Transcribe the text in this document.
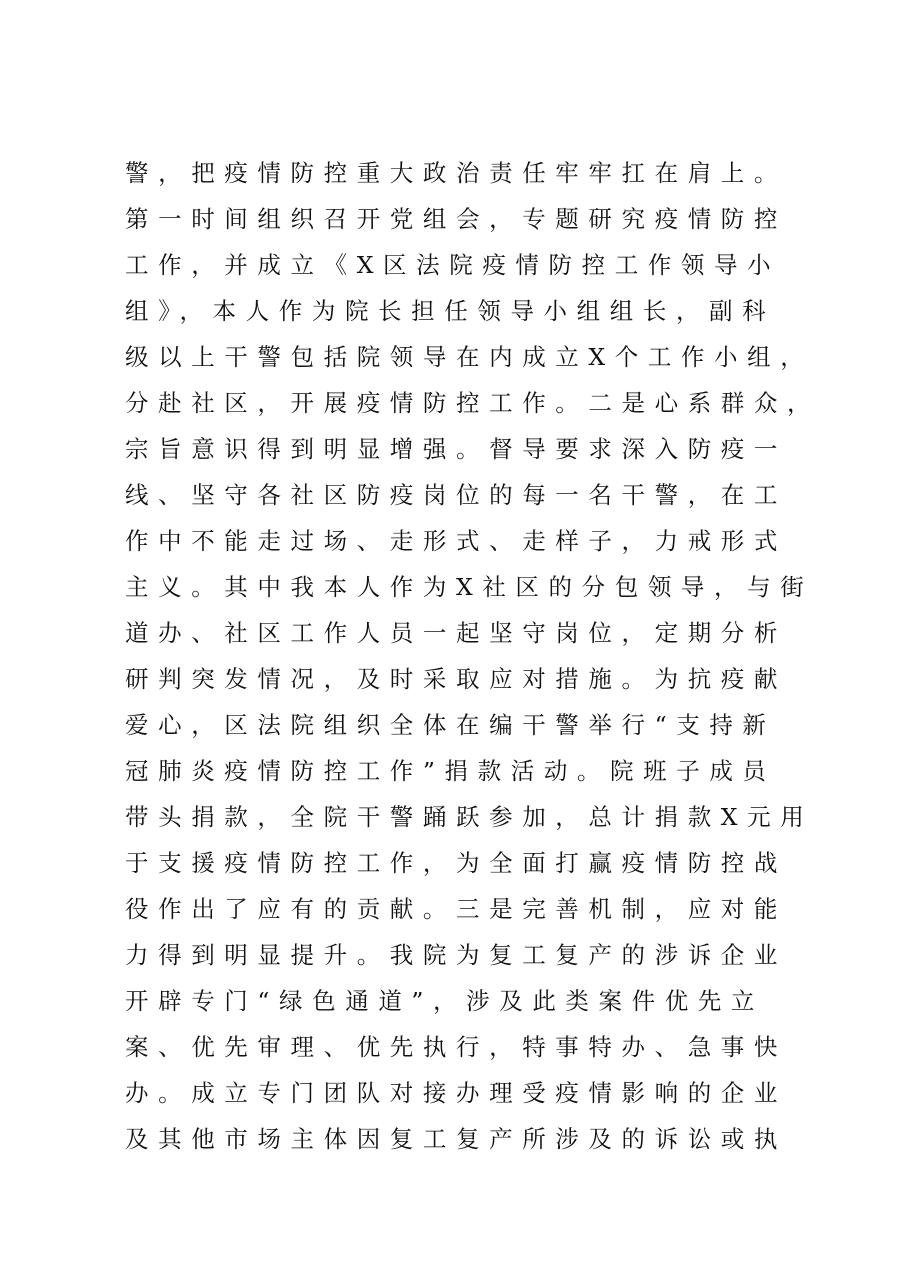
警，把疫情防控重大政治责任牢牢扛在肩上。
第一时间组织召开党组会，专题研究疫情防控
工作，并成立《X区法院疫情防控工作领导小
组》，本人作为院长担任领导小组组长，副科
级以上干警包括院领导在内成立X个工作小组，
分赴社区，开展疫情防控工作。二是心系群众，
宗旨意识得到明显增强。督导要求深入防疫一
线、坚守各社区防疫岗位的每一名干警，在工
作中不能走过场、走形式、走样子，力戒形式
主义。其中我本人作为X社区的分包领导，与街
道办、社区工作人员一起坚守岗位，定期分析
研判突发情况，及时采取应对措施。为抗疫献
爱心，区法院组织全体在编干警举行“支持新
冠肺炎疫情防控工作”捐款活动。院班子成员
带头捐款，全院干警踊跃参加，总计捐款X元用
于支援疫情防控工作，为全面打赢疫情防控战
役作出了应有的贡献。三是完善机制，应对能
力得到明显提升。我院为复工复产的涉诉企业
开辟专门“绿色通道”，涉及此类案件优先立
案、优先审理、优先执行，特事特办、急事快
办。成立专门团队对接办理受疫情影响的企业
及其他市场主体因复工复产所涉及的诉讼或执
